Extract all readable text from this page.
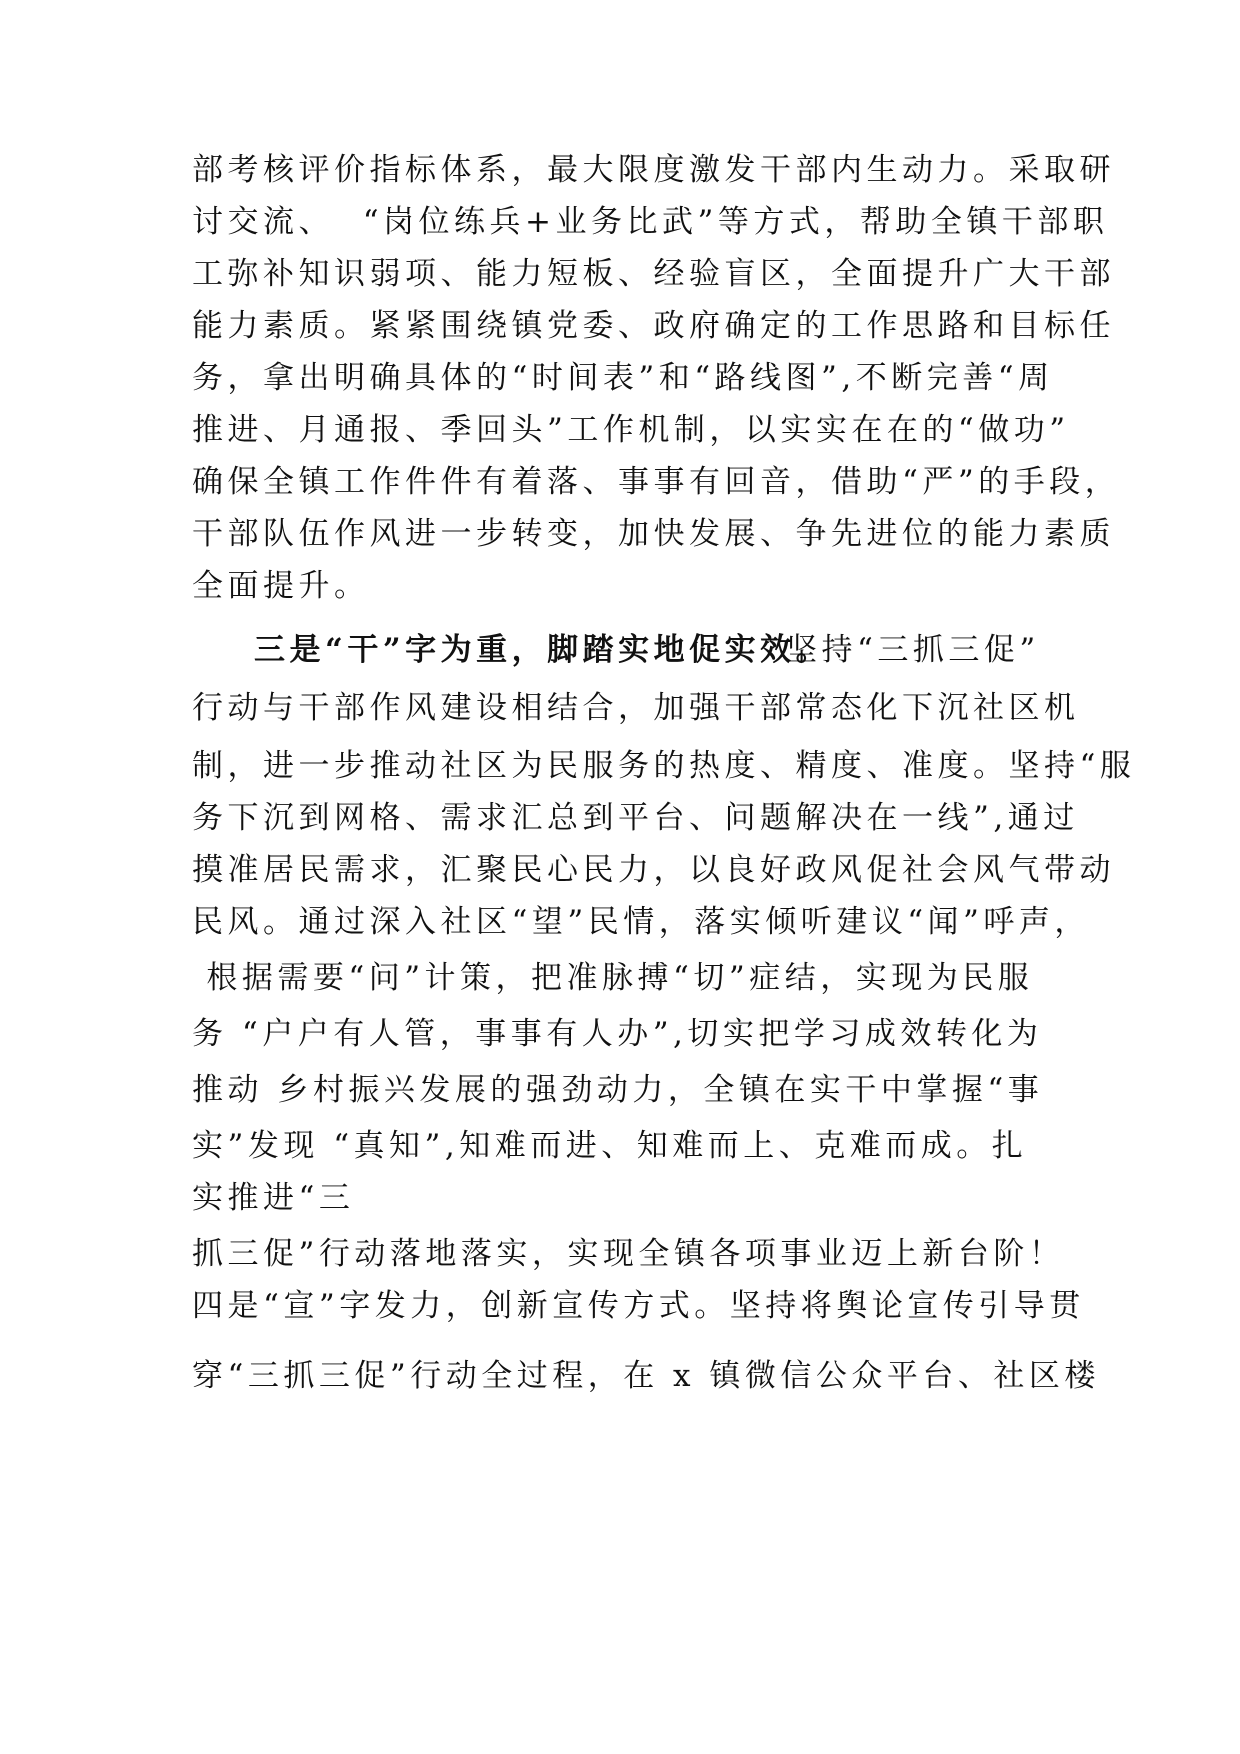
部考核评价指标体系，最大限度激发干部内生动力。采取研
讨交流、  “岗位练兵+业务比武”等方式，帮助全镇干部职
工弥补知识弱项、能力短板、经验盲区，全面提升广大干部
能力素质。紧紧围绕镇党委、政府确定的工作思路和目标任
务，拿出明确具体的“时间表”和“路线图”,不断完善“周
推进、月通报、季回头”工作机制，以实实在在的“做功”
确保全镇工作件件有着落、事事有回音，借助“严”的手段，
干部队伍作风进一步转变，加快发展、争先进位的能力素质
全面提升。
三是“干”字为重，脚踏实地促实效。
坚持“三抓三促”
行动与干部作风建设相结合，加强干部常态化下沉社区机
制，进一步推动社区为民服务的热度、精度、准度。坚持“服
务下沉到网格、需求汇总到平台、问题解决在一线”,通过
摸准居民需求，汇聚民心民力，以良好政风促社会风气带动
民风。通过深入社区“望”民情，落实倾听建议“闻”呼声，
根据需要“问”计策，把准脉搏“切”症结，实现为民服
务 “户户有人管，事事有人办”,切实把学习成效转化为
推动 乡村振兴发展的强劲动力，全镇在实干中掌握“事
实”发现 “真知”,知难而进、知难而上、克难而成。扎
实推进“三
抓三促”行动落地落实，实现全镇各项事业迈上新台阶！
四是“宣”字发力，创新宣传方式。坚持将舆论宣传引导贯
穿“三抓三促”行动全过程，在 x 镇微信公众平台、社区楼
